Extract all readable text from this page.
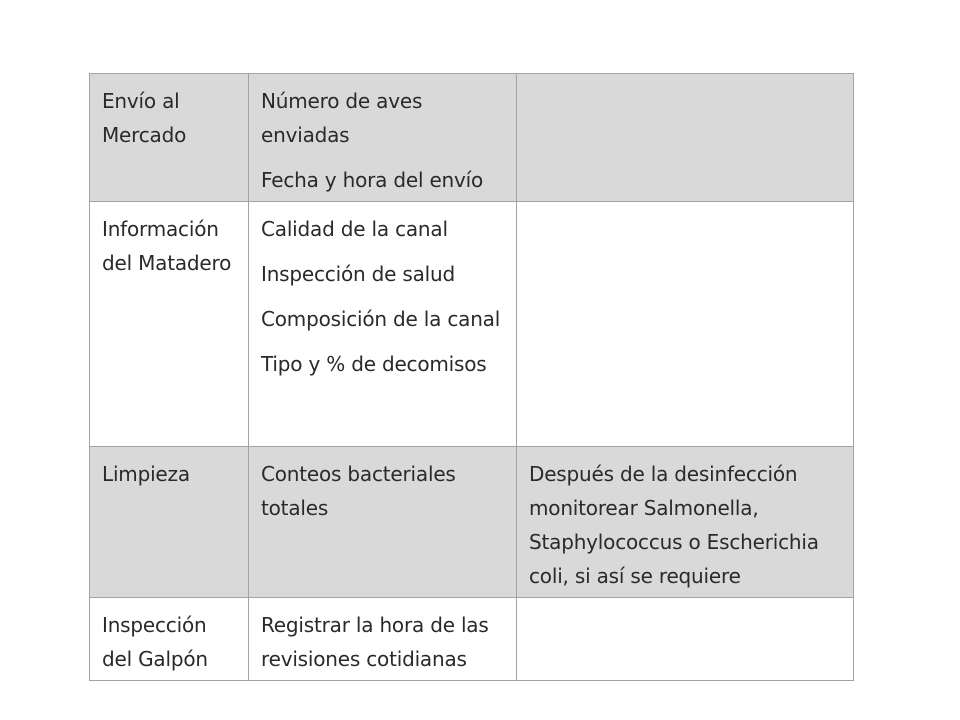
Envío al Mercado	Número de aves enviadas
Fecha y hora del envío	

Información del Matadero	Calidad de la canal
Inspección de salud
Composición de la canal
Tipo y % de decomisos	

Limpieza	Conteos bacteriales totales	Después de la desinfección monitorear Salmonella, Staphylococcus o Escherichia coli, si así se requiere
Inspección del Galpón	Registrar la hora de las revisiones cotidianas	
